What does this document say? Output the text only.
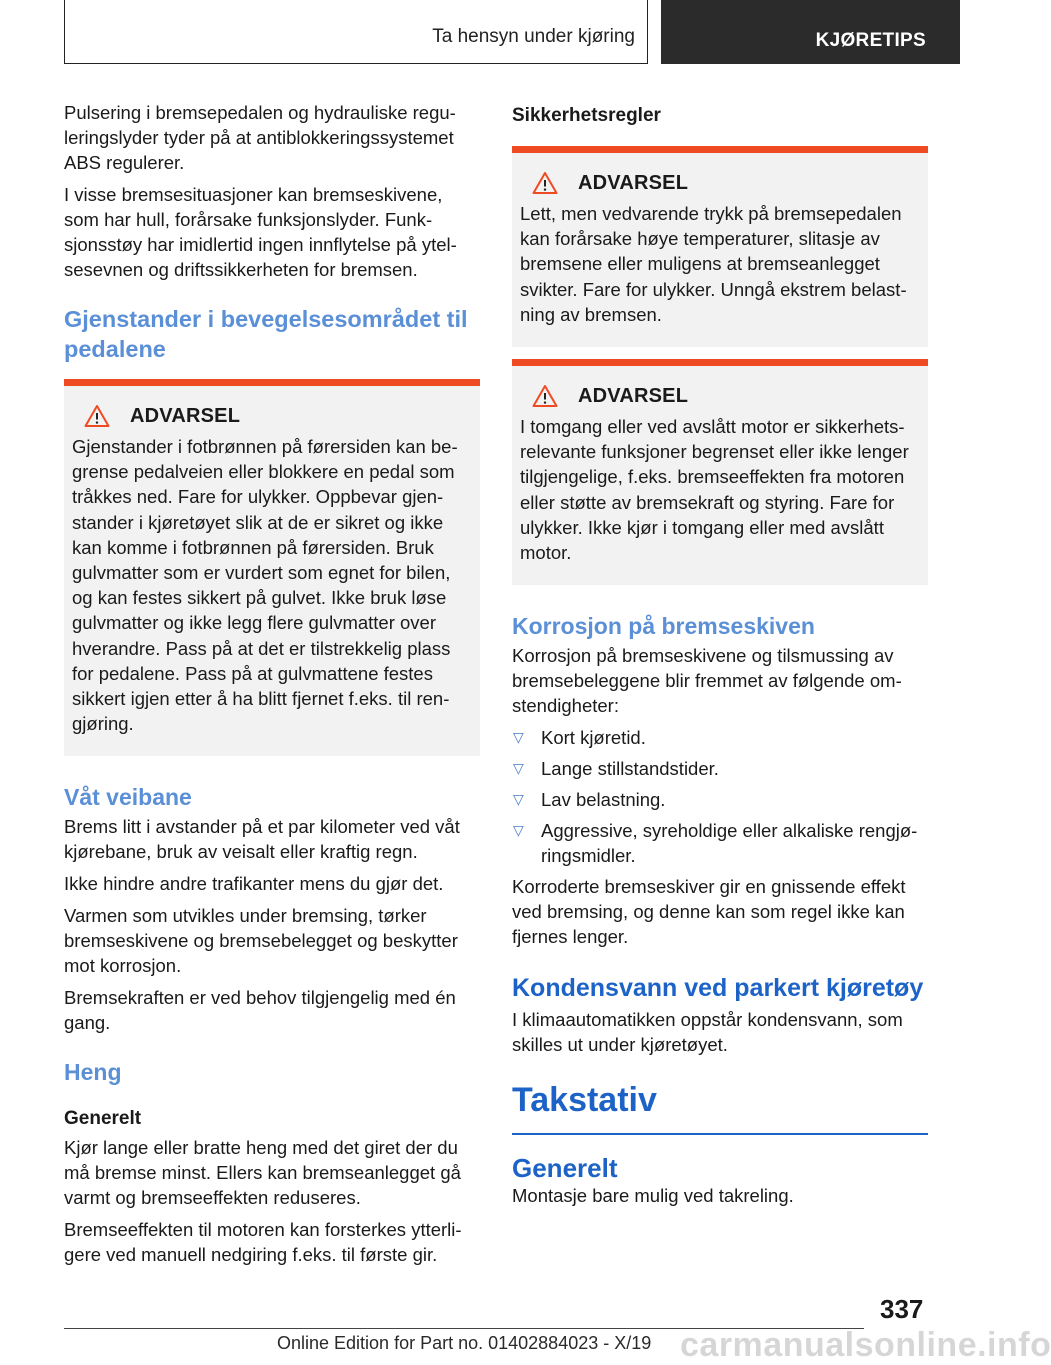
Ta hensyn under kjøring	KJØRETIPS

Pulsering i bremsepedalen og hydrauliske reguleringslyder tyder på at antiblokkeringssystemet ABS regulerer.

I visse bremsesituasjoner kan bremseskivene, som har hull, forårsake funksjonslyder. Funksjonsstøy har imidlertid ingen innflytelse på ytelsesevnen og driftssikkerheten for bremsen.

Gjenstander i bevegelsesområdet til pedalene
ADVARSEL

Gjenstander i fotbrønnen på førersiden kan begrense pedalveien eller blokkere en pedal som tråkkes ned. Fare for ulykker. Oppbevar gjenstander i kjøretøyet slik at de er sikret og ikke kan komme i fotbrønnen på førersiden. Bruk gulvmatter som er vurdert som egnet for bilen, og kan festes sikkert på gulvet. Ikke bruk løse gulvmatter og ikke legg flere gulvmatter over hverandre. Pass på at det er tilstrekkelig plass for pedalene. Pass på at gulvmattene festes sikkert igjen etter å ha blitt fjernet f.eks. til rengjøring.

Våt veibane

Brems litt i avstander på et par kilometer ved våt kjørebane, bruk av veisalt eller kraftig regn.

Ikke hindre andre trafikanter mens du gjør det.

Varmen som utvikles under bremsing, tørker bremseskivene og bremsebelegget og beskytter mot korrosjon.

Bremsekraften er ved behov tilgjengelig med én gang.

Heng
Generelt

Kjør lange eller bratte heng med det giret der du må bremse minst. Ellers kan bremseanlegget gå varmt og bremseeffekten reduseres.

Bremseeffekten til motoren kan forsterkes ytterligere ved manuell nedgiring f.eks. til første gir.

Sikkerhetsregler
ADVARSEL

Lett, men vedvarende trykk på bremsepedalen kan forårsake høye temperaturer, slitasje av bremsene eller muligens at bremseanlegget svikter. Fare for ulykker. Unngå ekstrem belastning av bremsen.

ADVARSEL

I tomgang eller ved avslått motor er sikkerhetsrelevante funksjoner begrenset eller ikke lenger tilgjengelige, f.eks. bremseeffekten fra motoren eller støtte av bremsekraft og styring. Fare for ulykker. Ikke kjør i tomgang eller med avslått motor.

Korrosjon på bremseskiven

Korrosjon på bremseskivene og tilsmussing av bremsebeleggene blir fremmet av følgende omstendigheter:

▽ Kort kjøretid.
▽ Lange stillstandstider.
▽ Lav belastning.
▽ Aggressive, syreholdige eller alkaliske rengjøringsmidler.

Korroderte bremseskiver gir en gnissende effekt ved bremsing, og denne kan som regel ikke kan fjernes lenger.

Kondensvann ved parkert kjøretøy

I klimaautomatikken oppstår kondensvann, som skilles ut under kjøretøyet.

Takstativ
Generelt

Montasje bare mulig ved takreling.

337
Online Edition for Part no. 01402884023 - X/19 carmanualsonline.info
